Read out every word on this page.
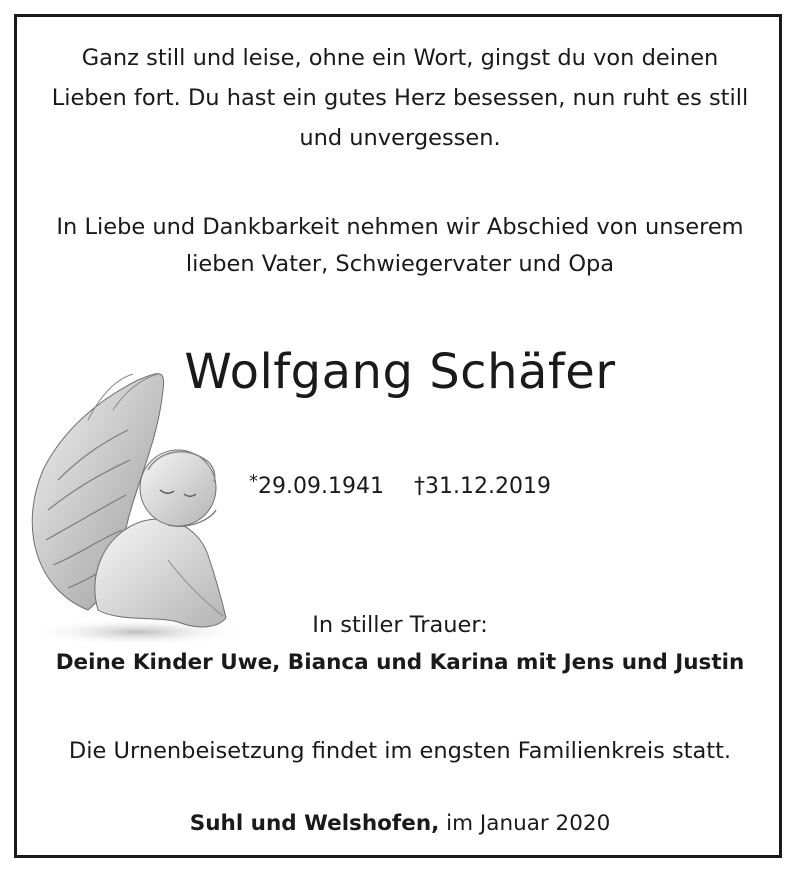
Ganz still und leise, ohne ein Wort, gingst du von deinen
Lieben fort. Du hast ein gutes Herz besessen, nun ruht es still
und unvergessen.
In Liebe und Dankbarkeit nehmen wir Abschied von unserem
lieben Vater, Schwiegervater und Opa
Wolfgang Schäfer
*29.09.1941 †31.12.2019
In stiller Trauer:
Deine Kinder Uwe, Bianca und Karina mit Jens und Justin
Die Urnenbeisetzung findet im engsten Familienkreis statt.
Suhl und Welshofen, im Januar 2020
